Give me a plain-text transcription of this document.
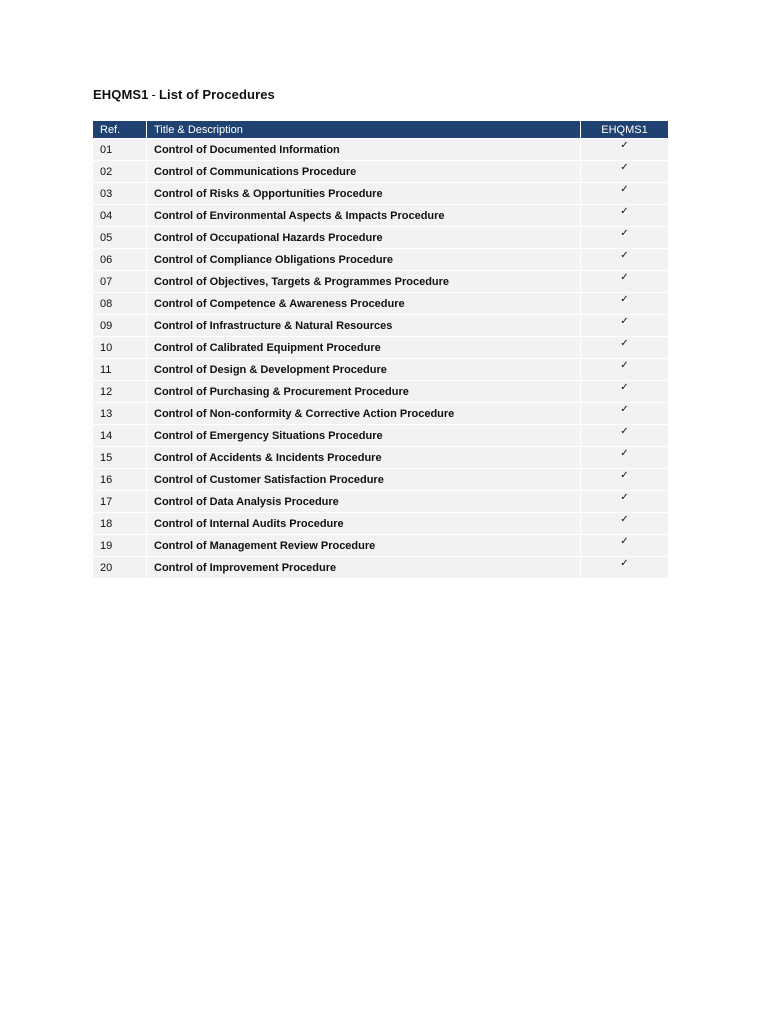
EHQMS1 - List of Procedures
Ref.	Title & Description	EHQMS1
01	Control of Documented Information	✓
02	Control of Communications Procedure	✓
03	Control of Risks & Opportunities Procedure	✓
04	Control of Environmental Aspects & Impacts Procedure	✓
05	Control of Occupational Hazards Procedure	✓
06	Control of Compliance Obligations Procedure	✓
07	Control of Objectives, Targets & Programmes Procedure	✓
08	Control of Competence & Awareness Procedure	✓
09	Control of Infrastructure & Natural Resources	✓
10	Control of Calibrated Equipment Procedure	✓
11	Control of Design & Development Procedure	✓
12	Control of Purchasing & Procurement Procedure	✓
13	Control of Non-conformity & Corrective Action Procedure	✓
14	Control of Emergency Situations Procedure	✓
15	Control of Accidents & Incidents Procedure	✓
16	Control of Customer Satisfaction Procedure	✓
17	Control of Data Analysis Procedure	✓
18	Control of Internal Audits Procedure	✓
19	Control of Management Review Procedure	✓
20	Control of Improvement Procedure	✓
